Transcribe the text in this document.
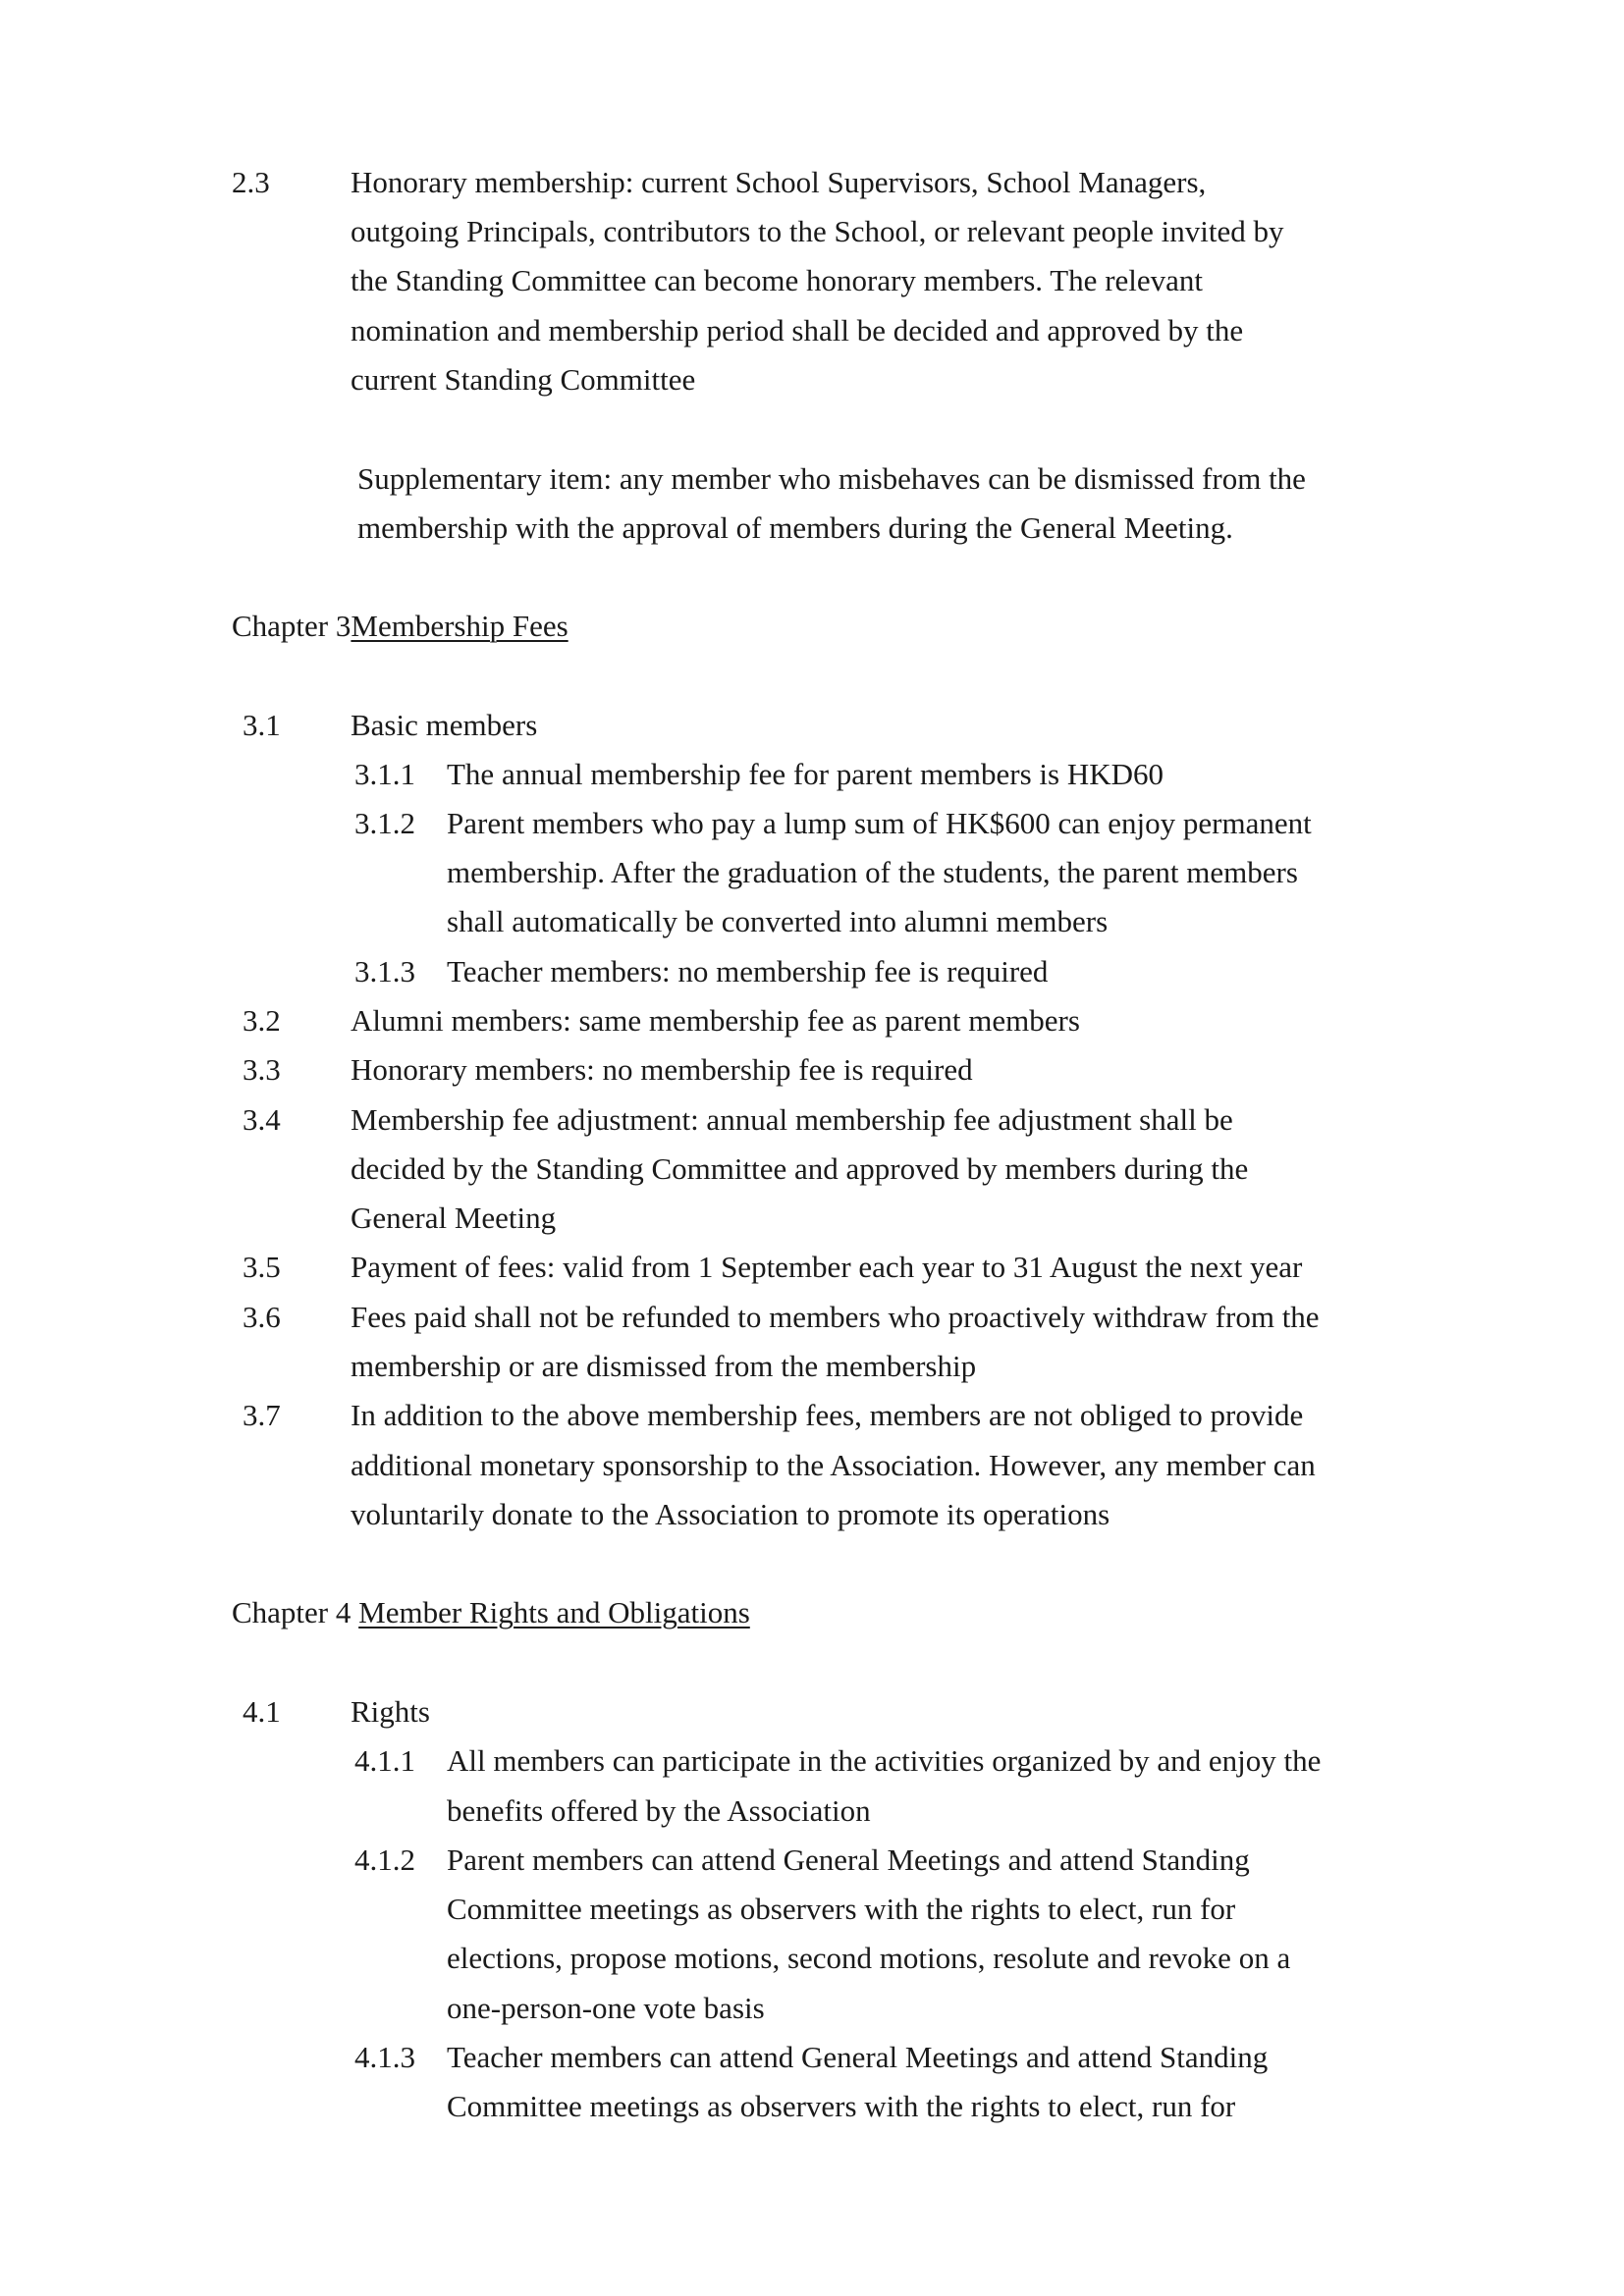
2.3	Honorary membership: current School Supervisors, School Managers,
outgoing Principals, contributors to the School, or relevant people invited by
the Standing Committee can become honorary members. The relevant
nomination and membership period shall be decided and approved by the
current Standing Committee
Supplementary item: any member who misbehaves can be dismissed from the
membership with the approval of members during the General Meeting.
Chapter 3Membership Fees
3.1 Basic members
3.1.1 The annual membership fee for parent members is HKD60
3.1.2 Parent members who pay a lump sum of HK$600 can enjoy permanent
membership. After the graduation of the students, the parent members
shall automatically be converted into alumni members
3.1.3 Teacher members: no membership fee is required
3.2 Alumni members: same membership fee as parent members
3.3 Honorary members: no membership fee is required
3.4 Membership fee adjustment: annual membership fee adjustment shall be
decided by the Standing Committee and approved by members during the
General Meeting
3.5 Payment of fees: valid from 1 September each year to 31 August the next year
3.6 Fees paid shall not be refunded to members who proactively withdraw from the
membership or are dismissed from the membership
3.7 In addition to the above membership fees, members are not obliged to provide
additional monetary sponsorship to the Association. However, any member can
voluntarily donate to the Association to promote its operations
Chapter 4 Member Rights and Obligations
4.1 Rights
4.1.1 All members can participate in the activities organized by and enjoy the
benefits offered by the Association
4.1.2 Parent members can attend General Meetings and attend Standing
Committee meetings as observers with the rights to elect, run for
elections, propose motions, second motions, resolute and revoke on a
one-person-one vote basis
4.1.3 Teacher members can attend General Meetings and attend Standing
Committee meetings as observers with the rights to elect, run for
